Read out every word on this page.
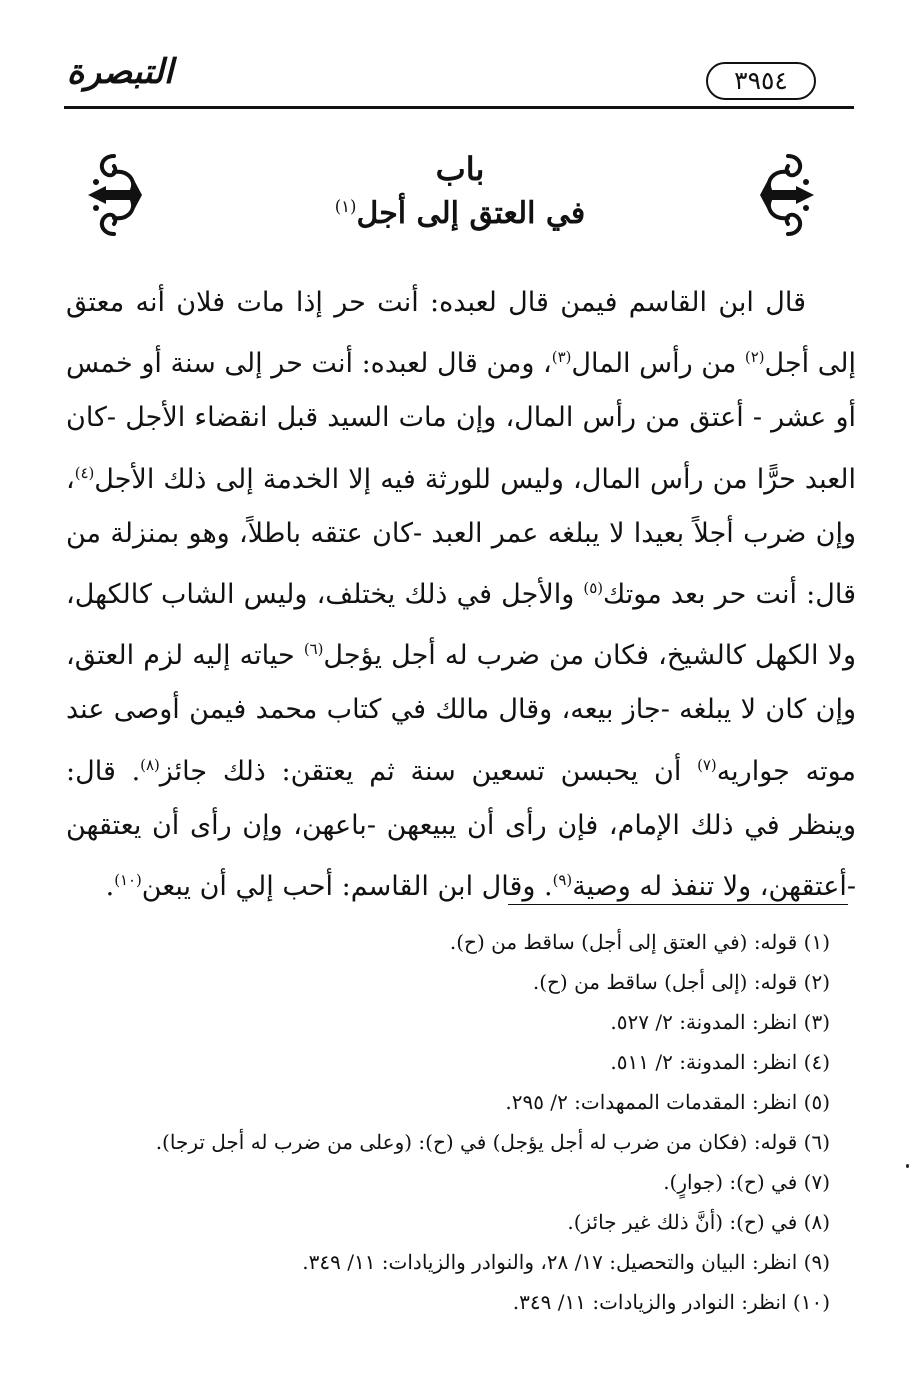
التبصرة	٣٩٥٤
باب
في العتق إلى أجل$^{(١)}$

قال ابن القاسم فيمن قال لعبده: أنت حر إذا مات فلان أنه معتق إلى أجل$^{(٢)}$ من رأس المال$^{(٣)}$، ومن قال لعبده: أنت حر إلى سنة أو خمس أو عشر - أعتق من رأس المال، وإن مات السيد قبل انقضاء الأجل -كان العبد حرًّا من رأس المال، وليس للورثة فيه إلا الخدمة إلى ذلك الأجل$^{(٤)}$، وإن ضرب أجلاً بعيدا لا يبلغه عمر العبد -كان عتقه باطلاً، وهو بمنزلة من قال: أنت حر بعد موتك$^{(٥)}$ والأجل في ذلك يختلف، وليس الشاب كالكهل، ولا الكهل كالشيخ، فكان من ضرب له أجل يؤجل$^{(٦)}$ حياته إليه لزم العتق، وإن كان لا يبلغه -جاز بيعه، وقال مالك في كتاب محمد فيمن أوصى عند موته جواريه$^{(٧)}$ أن يحبسن تسعين سنة ثم يعتقن: ذلك جائز$^{(٨)}$. قال: وينظر في ذلك الإمام، فإن رأى أن يبيعهن -باعهن، وإن رأى أن يعتقهن -أعتقهن، ولا تنفذ له وصية$^{(٩)}$. وقال ابن القاسم: أحب إلي أن يبعن$^{(١٠)}$.

(١) قوله: (في العتق إلى أجل) ساقط من (ح).
(٢) قوله: (إلى أجل) ساقط من (ح).
(٣) انظر: المدونة: ٢/ ٥٢٧.
(٤) انظر: المدونة: ٢/ ٥١١.
(٥) انظر: المقدمات الممهدات: ٢/ ٢٩٥.
(٦) قوله: (فكان من ضرب له أجل يؤجل) في (ح): (وعلى من ضرب له أجل ترجا).
(٧) في (ح): (جوارٍ).
(٨) في (ح): (أنَّ ذلك غير جائز).
(٩) انظر: البيان والتحصيل: ١٧/ ٢٨، والنوادر والزيادات: ١١/ ٣٤٩.
(١٠) انظر: النوادر والزيادات: ١١/ ٣٤٩.
